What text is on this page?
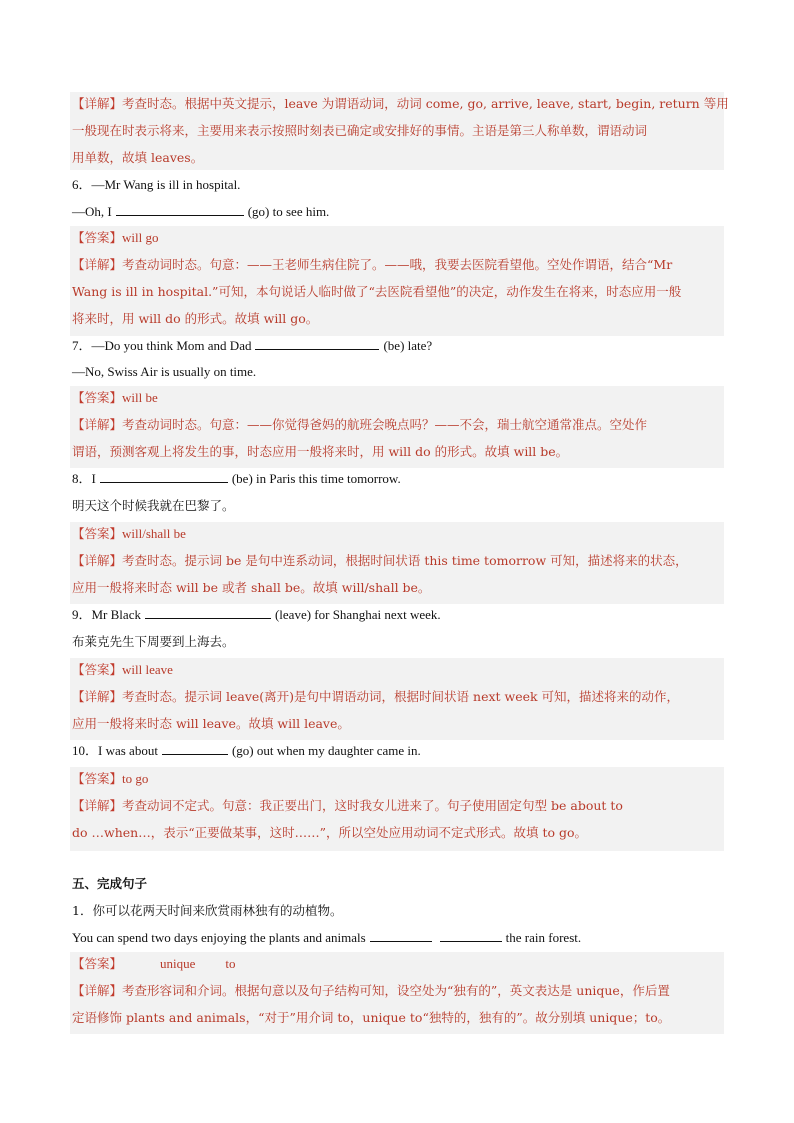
【详解】考查时态。根据中英文提示，leave 为谓语动词，动词 come, go, arrive, leave, start, begin, return 等用
一般现在时表示将来，主要用来表示按照时刻表已确定或安排好的事情。主语是第三人称单数，谓语动词
用单数，故填 leaves。
6．—Mr Wang is ill in hospital.
—Oh, I	(go) to see him.
【答案】will go
【详解】考查动词时态。句意：——王老师生病住院了。——哦，我要去医院看望他。空处作谓语，结合“Mr
Wang is ill in hospital.”可知，本句说话人临时做了“去医院看望他”的决定，动作发生在将来，时态应用一般
将来时，用 will do 的形式。故填 will go。
7．—Do you think Mom and Dad	(be) late?
—No, Swiss Air is usually on time.
【答案】will be
【详解】考查动词时态。句意：——你觉得爸妈的航班会晚点吗？——不会，瑞士航空通常准点。空处作
谓语，预测客观上将发生的事，时态应用一般将来时，用 will do 的形式。故填 will be。
8．I	(be) in Paris this time tomorrow.
明天这个时候我就在巴黎了。
【答案】will/shall be
【详解】考查时态。提示词 be 是句中连系动词，根据时间状语 this time tomorrow 可知，描述将来的状态，
应用一般将来时态 will be 或者 shall be。故填 will/shall be。
9．Mr Black	(leave) for Shanghai next week.
布莱克先生下周要到上海去。
【答案】will leave
【详解】考查时态。提示词 leave(离开)是句中谓语动词，根据时间状语 next week 可知，描述将来的动作，
应用一般将来时态 will leave。故填 will leave。
10．I was about	(go) out when my daughter came in.
【答案】to go
【详解】考查动词不定式。句意：我正要出门，这时我女儿进来了。句子使用固定句型 be about to
do …when…，表示“正要做某事，这时……”，所以空处应用动词不定式形式。故填 to go。
五、完成句子
1．你可以花两天时间来欣赏雨林独有的动植物。
You can spend two days enjoying the plants and animals	the rain forest.
【答案】	unique to
【详解】考查形容词和介词。根据句意以及句子结构可知，设空处为“独有的”，英文表达是 unique，作后置
定语修饰 plants and animals，“对于”用介词 to，unique to“独特的，独有的”。故分别填 unique；to。
